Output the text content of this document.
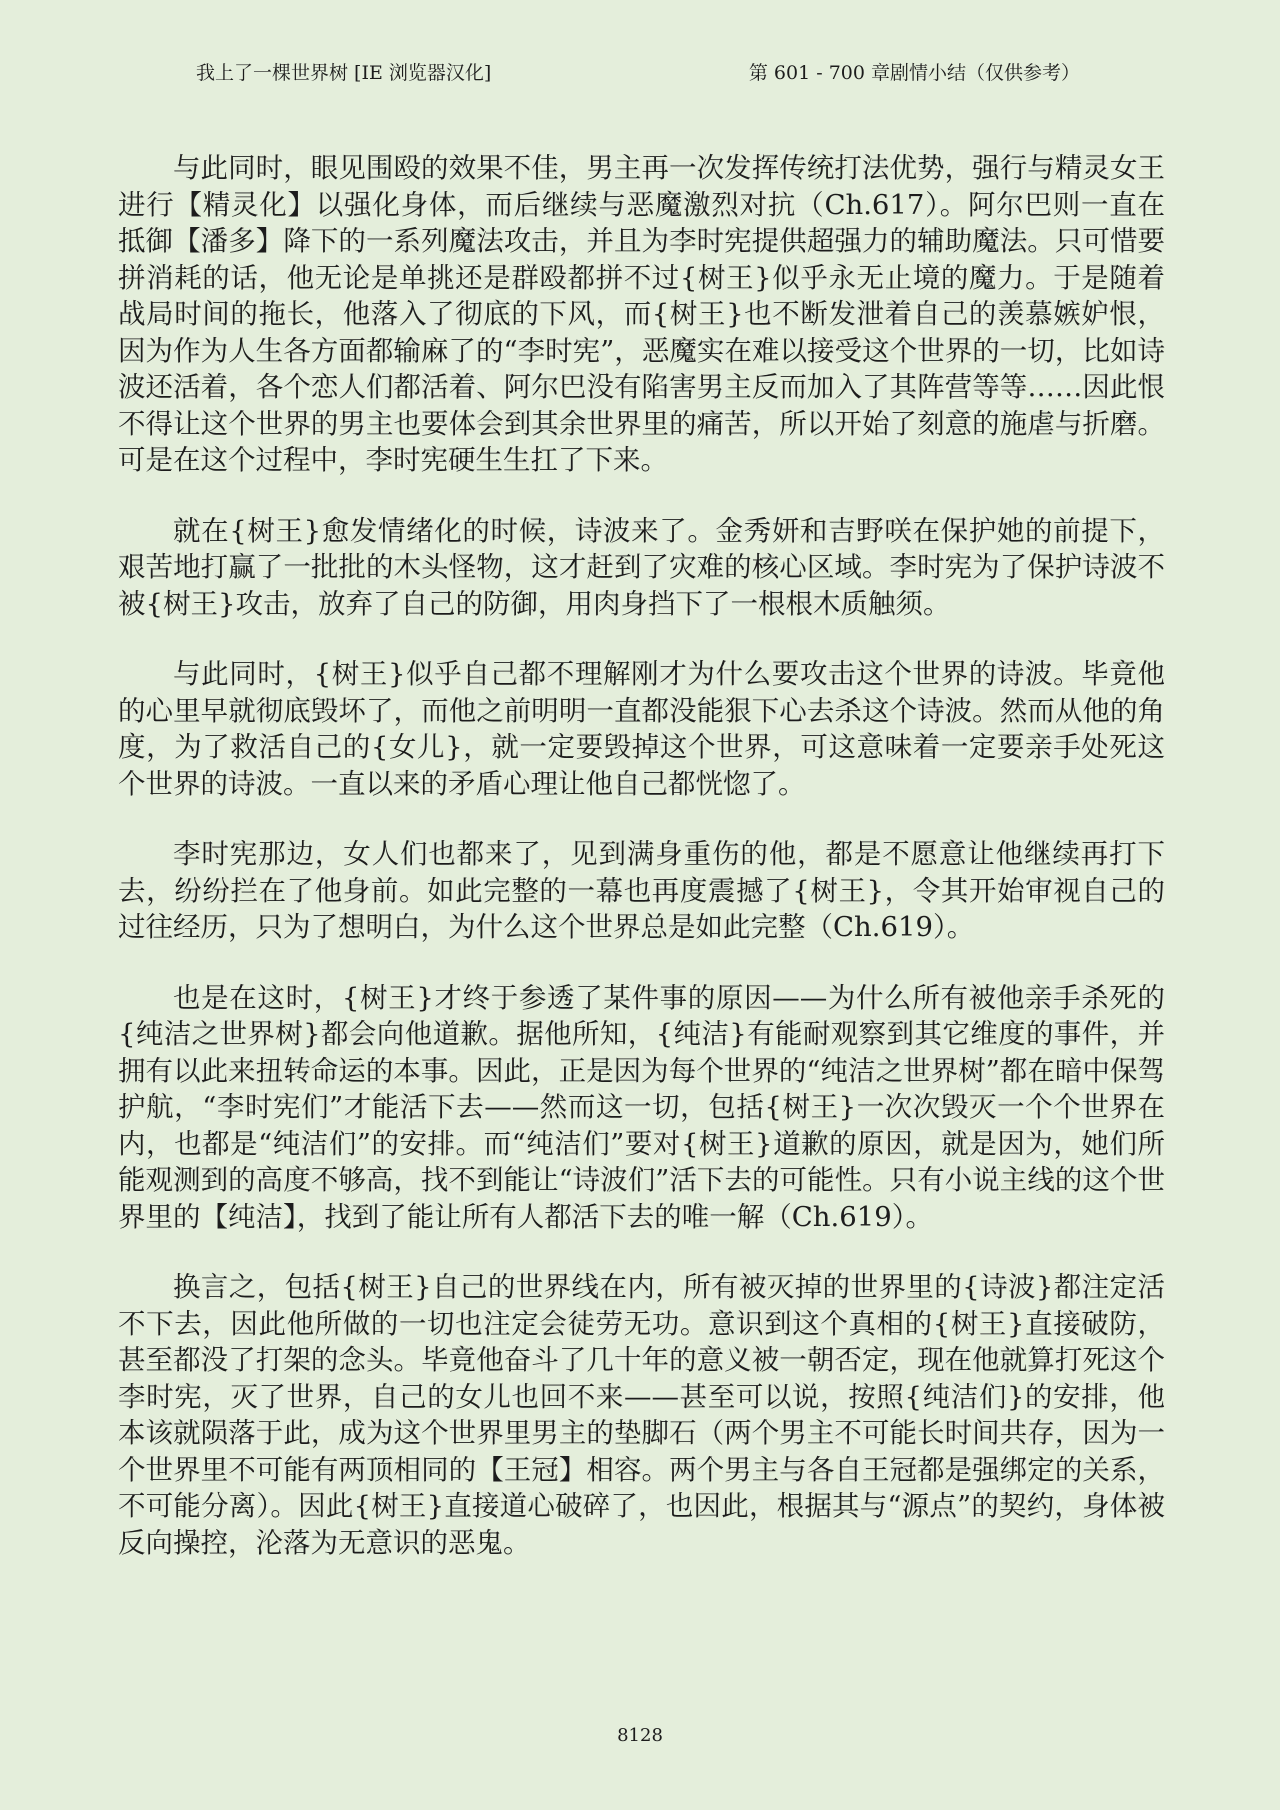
我上了一棵世界树 [IE 浏览器汉化]	第 601 - 700 章剧情小结（仅供参考）

与此同时，眼见围殴的效果不佳，男主再一次发挥传统打法优势，强行与精灵女王进行【精灵化】以强化身体，而后继续与恶魔激烈对抗（Ch.617）。阿尔巴则一直在抵御【潘多】降下的一系列魔法攻击，并且为李时宪提供超强力的辅助魔法。只可惜要拼消耗的话，他无论是单挑还是群殴都拼不过{树王}似乎永无止境的魔力。于是随着战局时间的拖长，他落入了彻底的下风，而{树王}也不断发泄着自己的羡慕嫉妒恨，因为作为人生各方面都输麻了的“李时宪”，恶魔实在难以接受这个世界的一切，比如诗波还活着，各个恋人们都活着、阿尔巴没有陷害男主反而加入了其阵营等等……因此恨不得让这个世界的男主也要体会到其余世界里的痛苦，所以开始了刻意的施虐与折磨。可是在这个过程中，李时宪硬生生扛了下来。

就在{树王}愈发情绪化的时候，诗波来了。金秀妍和吉野咲在保护她的前提下，艰苦地打赢了一批批的木头怪物，这才赶到了灾难的核心区域。李时宪为了保护诗波不被{树王}攻击，放弃了自己的防御，用肉身挡下了一根根木质触须。

与此同时，{树王}似乎自己都不理解刚才为什么要攻击这个世界的诗波。毕竟他的心里早就彻底毁坏了，而他之前明明一直都没能狠下心去杀这个诗波。然而从他的角度，为了救活自己的{女儿}，就一定要毁掉这个世界，可这意味着一定要亲手处死这个世界的诗波。一直以来的矛盾心理让他自己都恍惚了。

李时宪那边，女人们也都来了，见到满身重伤的他，都是不愿意让他继续再打下去，纷纷拦在了他身前。如此完整的一幕也再度震撼了{树王}，令其开始审视自己的过往经历，只为了想明白，为什么这个世界总是如此完整（Ch.619）。

也是在这时，{树王}才终于参透了某件事的原因——为什么所有被他亲手杀死的{纯洁之世界树}都会向他道歉。据他所知，{纯洁}有能耐观察到其它维度的事件，并拥有以此来扭转命运的本事。因此，正是因为每个世界的“纯洁之世界树”都在暗中保驾护航，“李时宪们”才能活下去——然而这一切，包括{树王}一次次毁灭一个个世界在内，也都是“纯洁们”的安排。而“纯洁们”要对{树王}道歉的原因，就是因为，她们所能观测到的高度不够高，找不到能让“诗波们”活下去的可能性。只有小说主线的这个世界里的【纯洁】，找到了能让所有人都活下去的唯一解（Ch.619）。

换言之，包括{树王}自己的世界线在内，所有被灭掉的世界里的{诗波}都注定活不下去，因此他所做的一切也注定会徒劳无功。意识到这个真相的{树王}直接破防，甚至都没了打架的念头。毕竟他奋斗了几十年的意义被一朝否定，现在他就算打死这个李时宪，灭了世界，自己的女儿也回不来——甚至可以说，按照{纯洁们}的安排，他本该就陨落于此，成为这个世界里男主的垫脚石（两个男主不可能长时间共存，因为一个世界里不可能有两顶相同的【王冠】相容。两个男主与各自王冠都是强绑定的关系，不可能分离）。因此{树王}直接道心破碎了，也因此，根据其与“源点”的契约，身体被反向操控，沦落为无意识的恶鬼。

8128
